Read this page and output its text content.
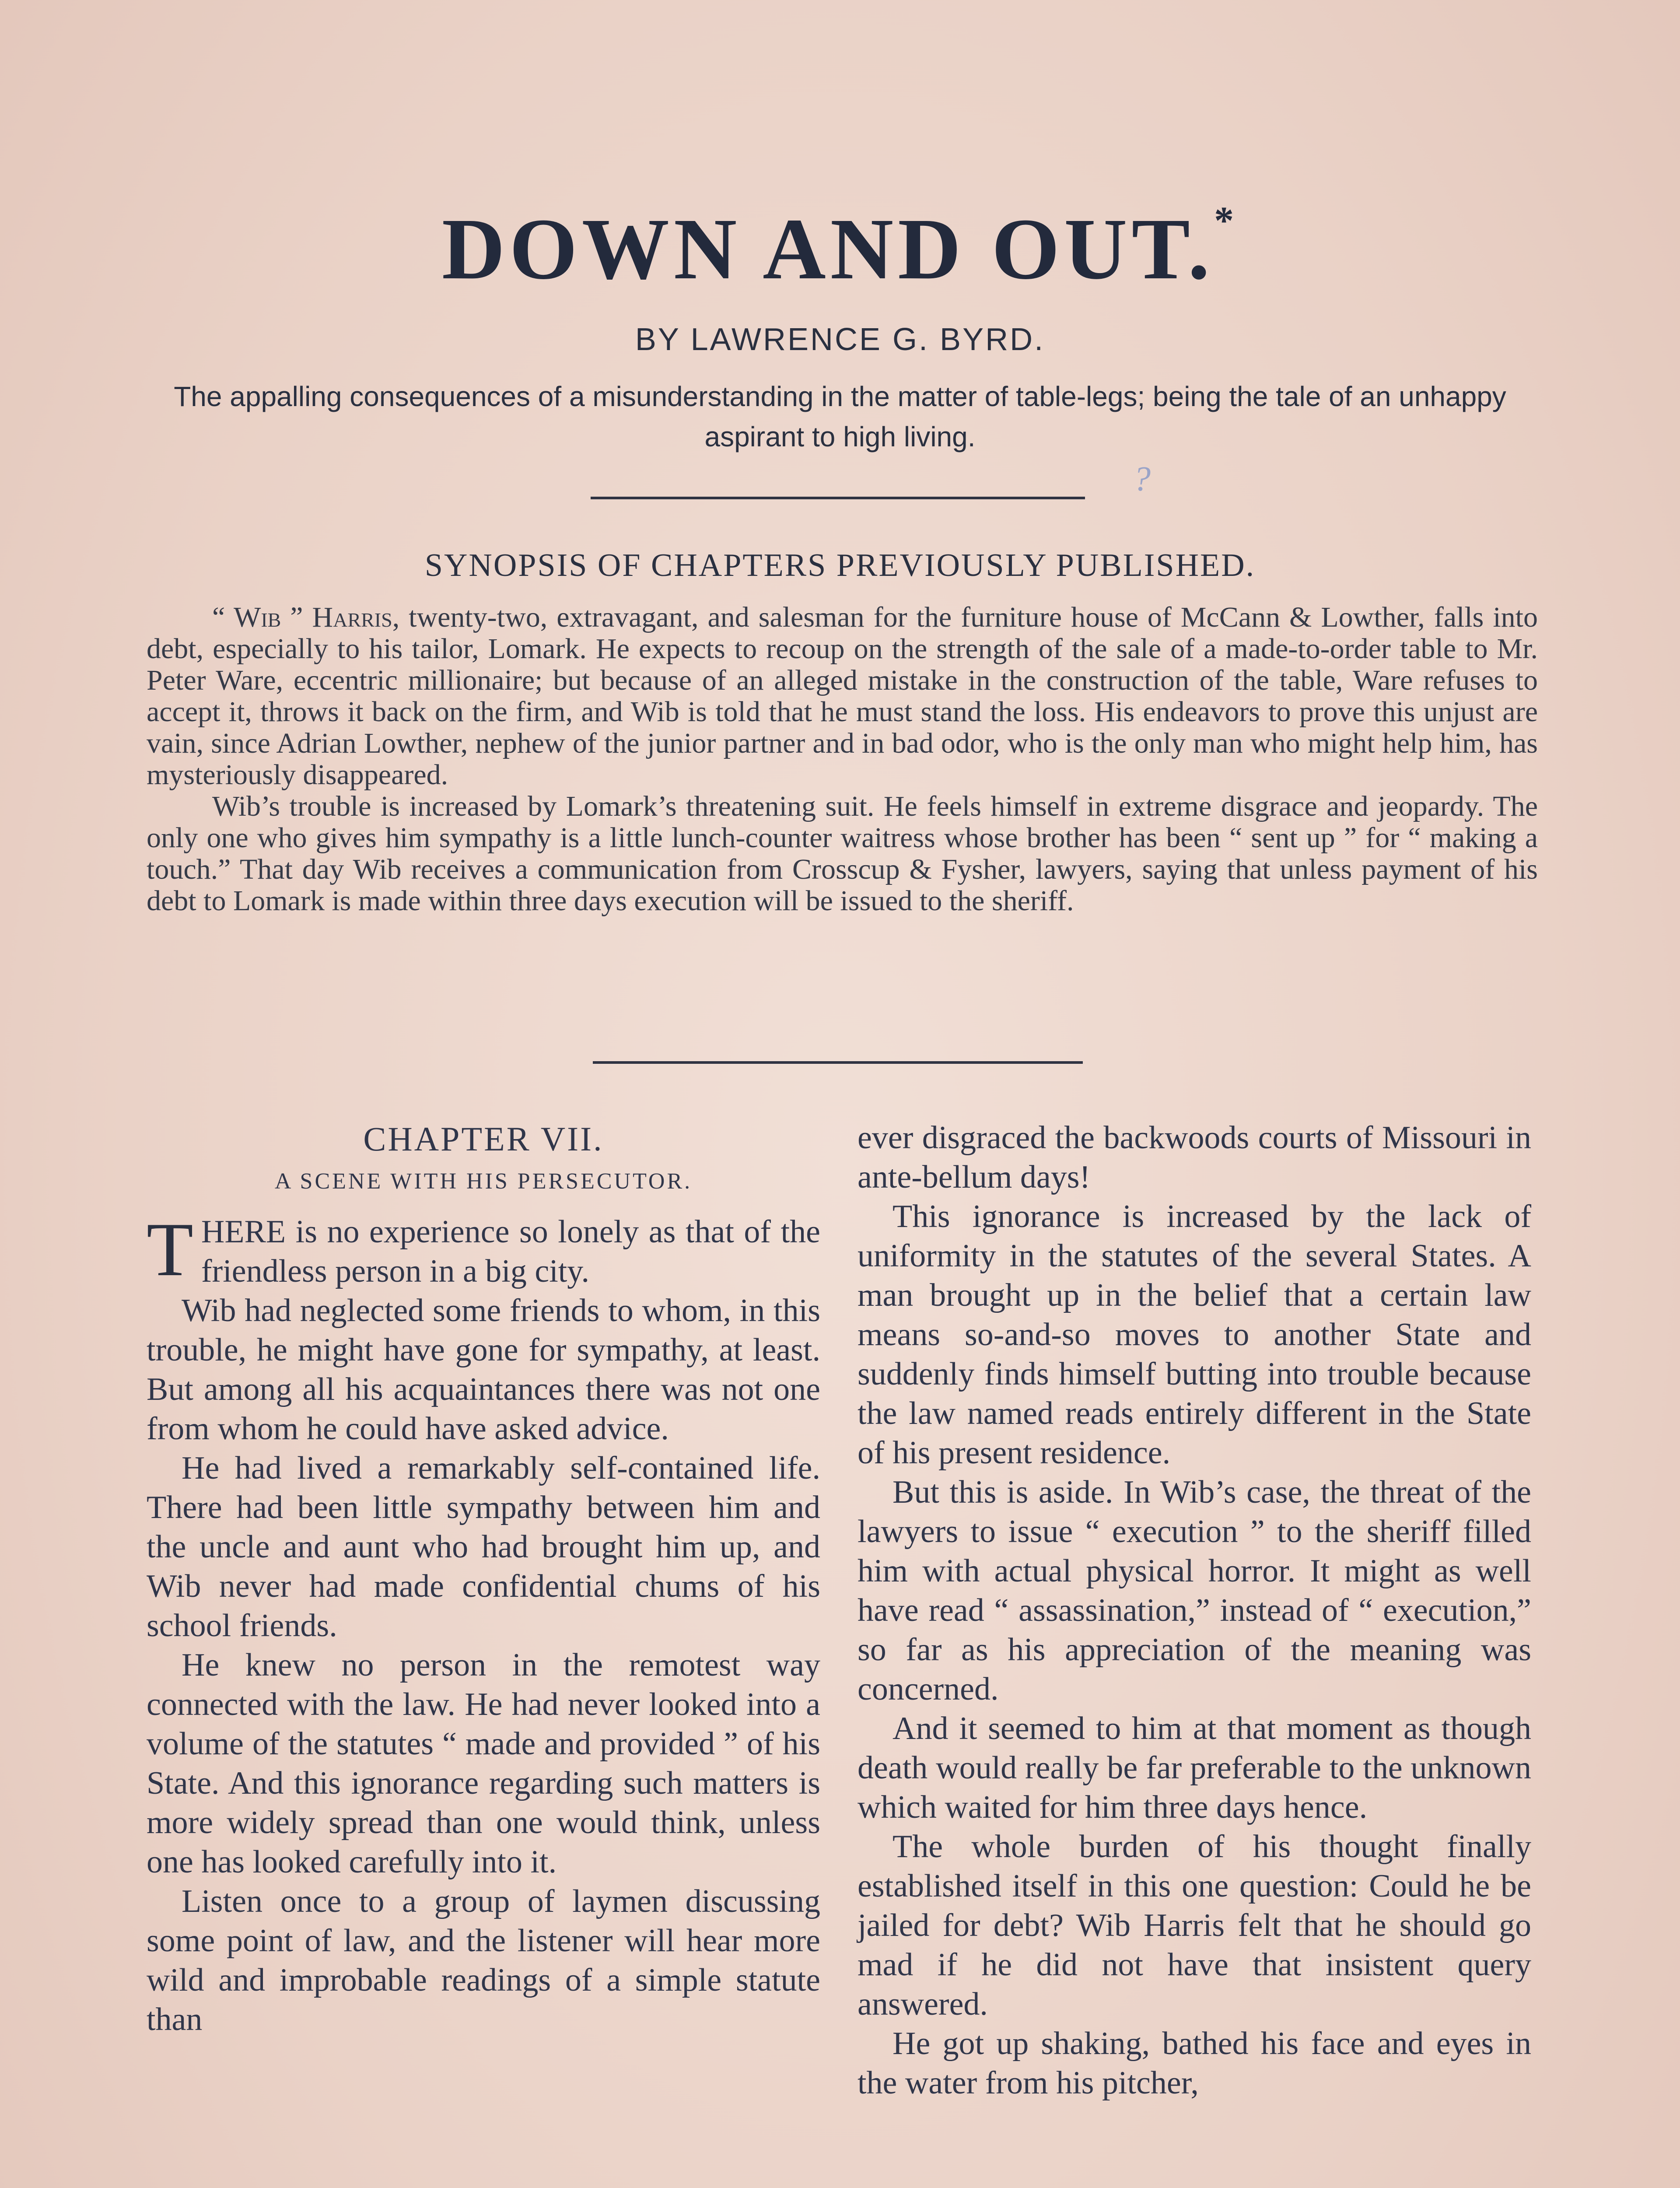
DOWN AND OUT.*
BY LAWRENCE G. BYRD.
The appalling consequences of a misunderstanding in the matter of table-legs; being the tale of an unhappy aspirant to high living.
?
SYNOPSIS OF CHAPTERS PREVIOUSLY PUBLISHED.

“ Wib ” Harris, twenty-two, extravagant, and salesman for the furniture house of McCann & Lowther, falls into debt, especially to his tailor, Lomark. He expects to recoup on the strength of the sale of a made-to-order table to Mr. Peter Ware, eccentric millionaire; but because of an alleged mistake in the construction of the table, Ware refuses to accept it, throws it back on the firm, and Wib is told that he must stand the loss. His endeavors to prove this unjust are vain, since Adrian Lowther, nephew of the junior partner and in bad odor, who is the only man who might help him, has mysteriously disappeared.

Wib’s trouble is increased by Lomark’s threatening suit. He feels himself in extreme disgrace and jeopardy. The only one who gives him sympathy is a little lunch-counter waitress whose brother has been “ sent up ” for “ making a touch.” That day Wib receives a communication from Crosscup & Fysher, lawyers, saying that unless payment of his debt to Lomark is made within three days execution will be issued to the sheriff.

CHAPTER VII.
A SCENE WITH HIS PERSECUTOR.

THERE is no experience so lonely as that of the friendless person in a big city.

Wib had neglected some friends to whom, in this trouble, he might have gone for sympathy, at least. But among all his acquaintances there was not one from whom he could have asked advice.

He had lived a remarkably self-contained life. There had been little sympathy between him and the uncle and aunt who had brought him up, and Wib never had made confidential chums of his school friends.

He knew no person in the remotest way connected with the law. He had never looked into a volume of the statutes “ made and provided ” of his State. And this ignorance regarding such matters is more widely spread than one would think, unless one has looked carefully into it.

Listen once to a group of laymen discussing some point of law, and the listener will hear more wild and improbable readings of a simple statute than

ever disgraced the backwoods courts of Missouri in ante-bellum days!

This ignorance is increased by the lack of uniformity in the statutes of the several States. A man brought up in the belief that a certain law means so-and-so moves to another State and suddenly finds himself butting into trouble because the law named reads entirely different in the State of his present residence.

But this is aside. In Wib’s case, the threat of the lawyers to issue “ execution ” to the sheriff filled him with actual physical horror. It might as well have read “ assassination,” instead of “ execution,” so far as his appreciation of the meaning was concerned.

And it seemed to him at that moment as though death would really be far preferable to the unknown which waited for him three days hence.

The whole burden of his thought finally established itself in this one question: Could he be jailed for debt? Wib Harris felt that he should go mad if he did not have that insistent query answered.

He got up shaking, bathed his face and eyes in the water from his pitcher,
